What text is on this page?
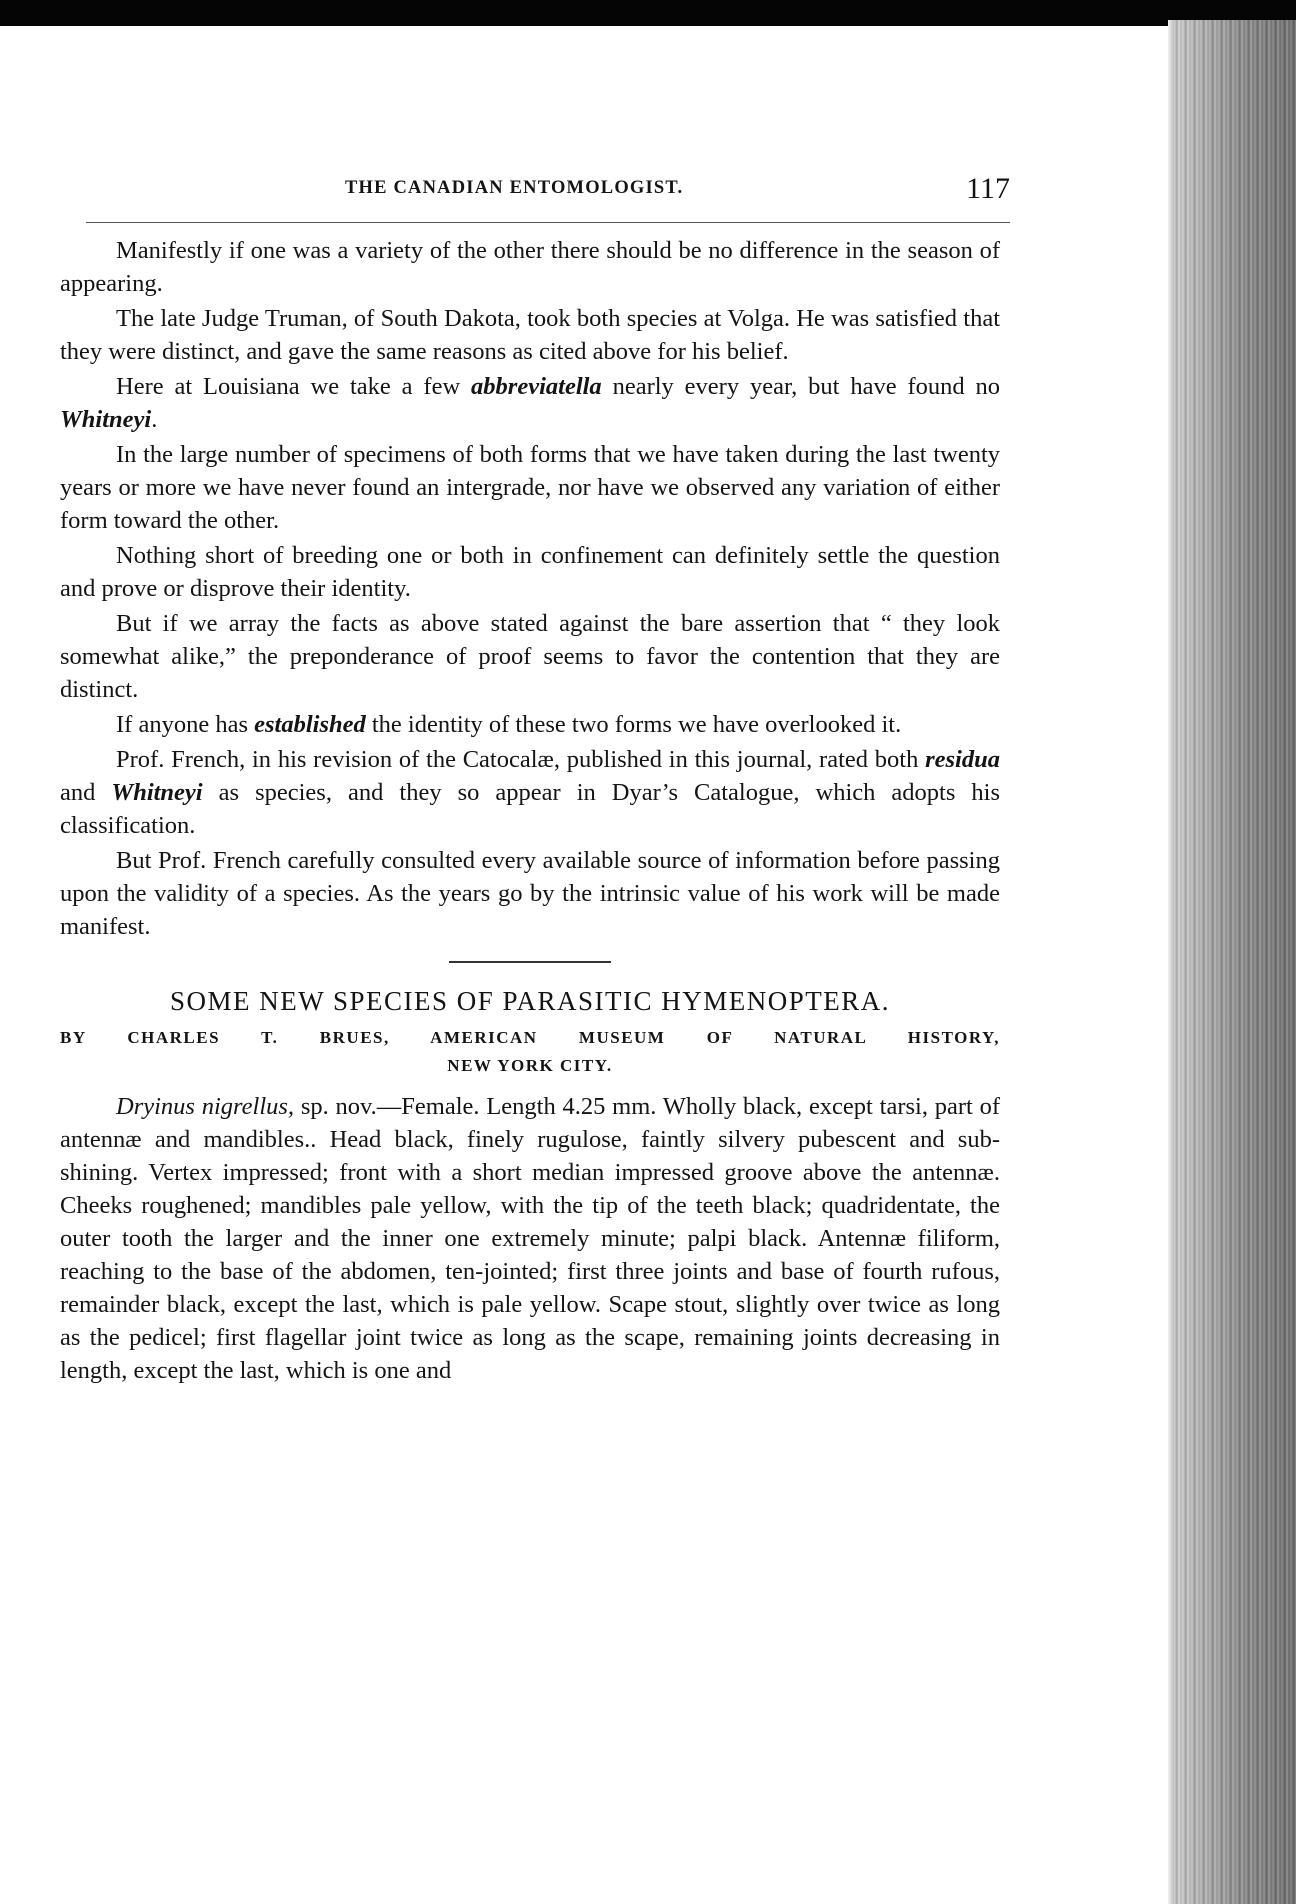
THE CANADIAN ENTOMOLOGIST.	117

Manifestly if one was a variety of the other there should be no difference in the season of appearing.

The late Judge Truman, of South Dakota, took both species at Volga. He was satisfied that they were distinct, and gave the same reasons as cited above for his belief.

Here at Louisiana we take a few abbreviatella nearly every year, but have found no Whitneyi.

In the large number of specimens of both forms that we have taken during the last twenty years or more we have never found an intergrade, nor have we observed any variation of either form toward the other.

Nothing short of breeding one or both in confinement can definitely settle the question and prove or disprove their identity.

But if we array the facts as above stated against the bare assertion that “ they look somewhat alike,” the preponderance of proof seems to favor the contention that they are distinct.

If anyone has established the identity of these two forms we have overlooked it.

Prof. French, in his revision of the Catocalæ, published in this journal, rated both residua and Whitneyi as species, and they so appear in Dyar’s Catalogue, which adopts his classification.

But Prof. French carefully consulted every available source of information before passing upon the validity of a species. As the years go by the intrinsic value of his work will be made manifest.

SOME NEW SPECIES OF PARASITIC HYMENOPTERA.
BY CHARLES T. BRUES, AMERICAN MUSEUM OF NATURAL HISTORY,
NEW YORK CITY.

Dryinus nigrellus, sp. nov.—Female. Length 4.25 mm. Wholly black, except tarsi, part of antennæ and mandibles.. Head black, finely rugulose, faintly silvery pubescent and sub-shining. Vertex impressed; front with a short median impressed groove above the antennæ. Cheeks roughened; mandibles pale yellow, with the tip of the teeth black; quadridentate, the outer tooth the larger and the inner one extremely minute; palpi black. Antennæ filiform, reaching to the base of the abdomen, ten-jointed; first three joints and base of fourth rufous, remainder black, except the last, which is pale yellow. Scape stout, slightly over twice as long as the pedicel; first flagellar joint twice as long as the scape, remaining joints decreasing in length, except the last, which is one and
